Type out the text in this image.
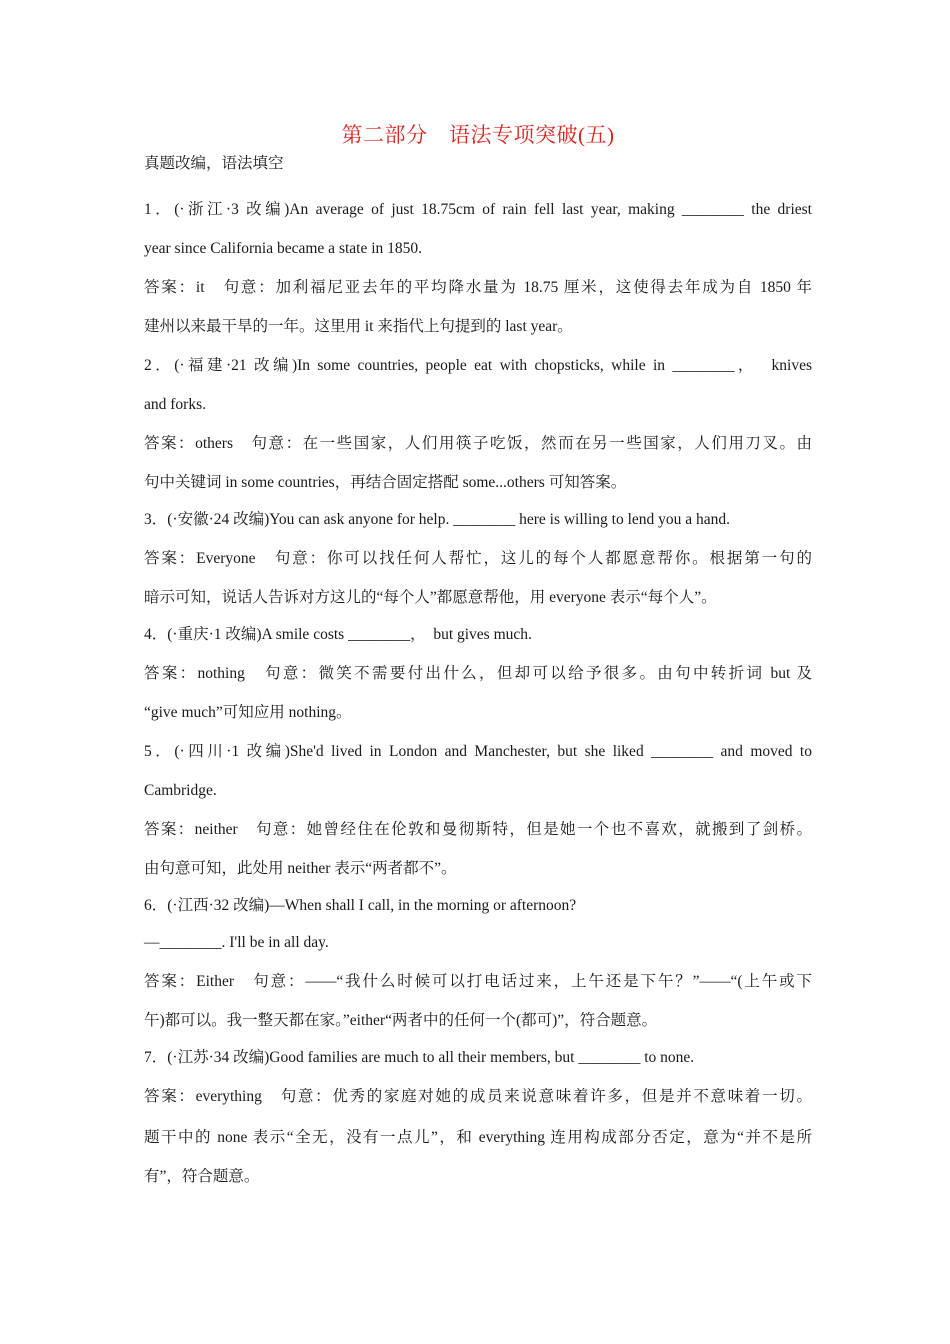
第二部分　语法专项突破(五)
真题改编，语法填空
1．(·浙江·3 改编)An average of just 18.75cm of rain fell last year, making ________ the driest
year since California became a state in 1850.
答案：it　句意：加利福尼亚去年的平均降水量为 18.75 厘米，这使得去年成为自 1850 年
建州以来最干旱的一年。这里用 it 来指代上句提到的 last year。
2．(·福建·21 改编)In some countries, people eat with chopsticks, while in ________，  knives
and forks.
答案：others　句意：在一些国家，人们用筷子吃饭，然而在另一些国家，人们用刀叉。由
句中关键词 in some countries，再结合固定搭配 some...others 可知答案。
3．(·安徽·24 改编)You can ask anyone for help. ________ here is willing to lend you a hand.
答案：Everyone　句意：你可以找任何人帮忙，这儿的每个人都愿意帮你。根据第一句的
暗示可知，说话人告诉对方这儿的“每个人”都愿意帮他，用 everyone 表示“每个人”。
4．(·重庆·1 改编)A smile costs ________，  but gives much.
答案：nothing　句意：微笑不需要付出什么，但却可以给予很多。由句中转折词 but 及
“give much”可知应用 nothing。
5．(·四川·1 改编)She'd lived in London and Manchester, but she liked ________ and moved to
Cambridge.
答案：neither　句意：她曾经住在伦敦和曼彻斯特，但是她一个也不喜欢，就搬到了剑桥。
由句意可知，此处用 neither 表示“两者都不”。
6．(·江西·32 改编)—When shall I call, in the morning or afternoon?
—________. I'll be in all day.
答案：Either　句意：——“我什么时候可以打电话过来，上午还是下午？”——“(上午或下
午)都可以。我一整天都在家。”either“两者中的任何一个(都可)”，符合题意。
7．(·江苏·34 改编)Good families are much to all their members, but ________ to none.
答案：everything　句意：优秀的家庭对她的成员来说意味着许多，但是并不意味着一切。
题干中的 none 表示“全无，没有一点儿”，和 everything 连用构成部分否定，意为“并不是所
有”，符合题意。
